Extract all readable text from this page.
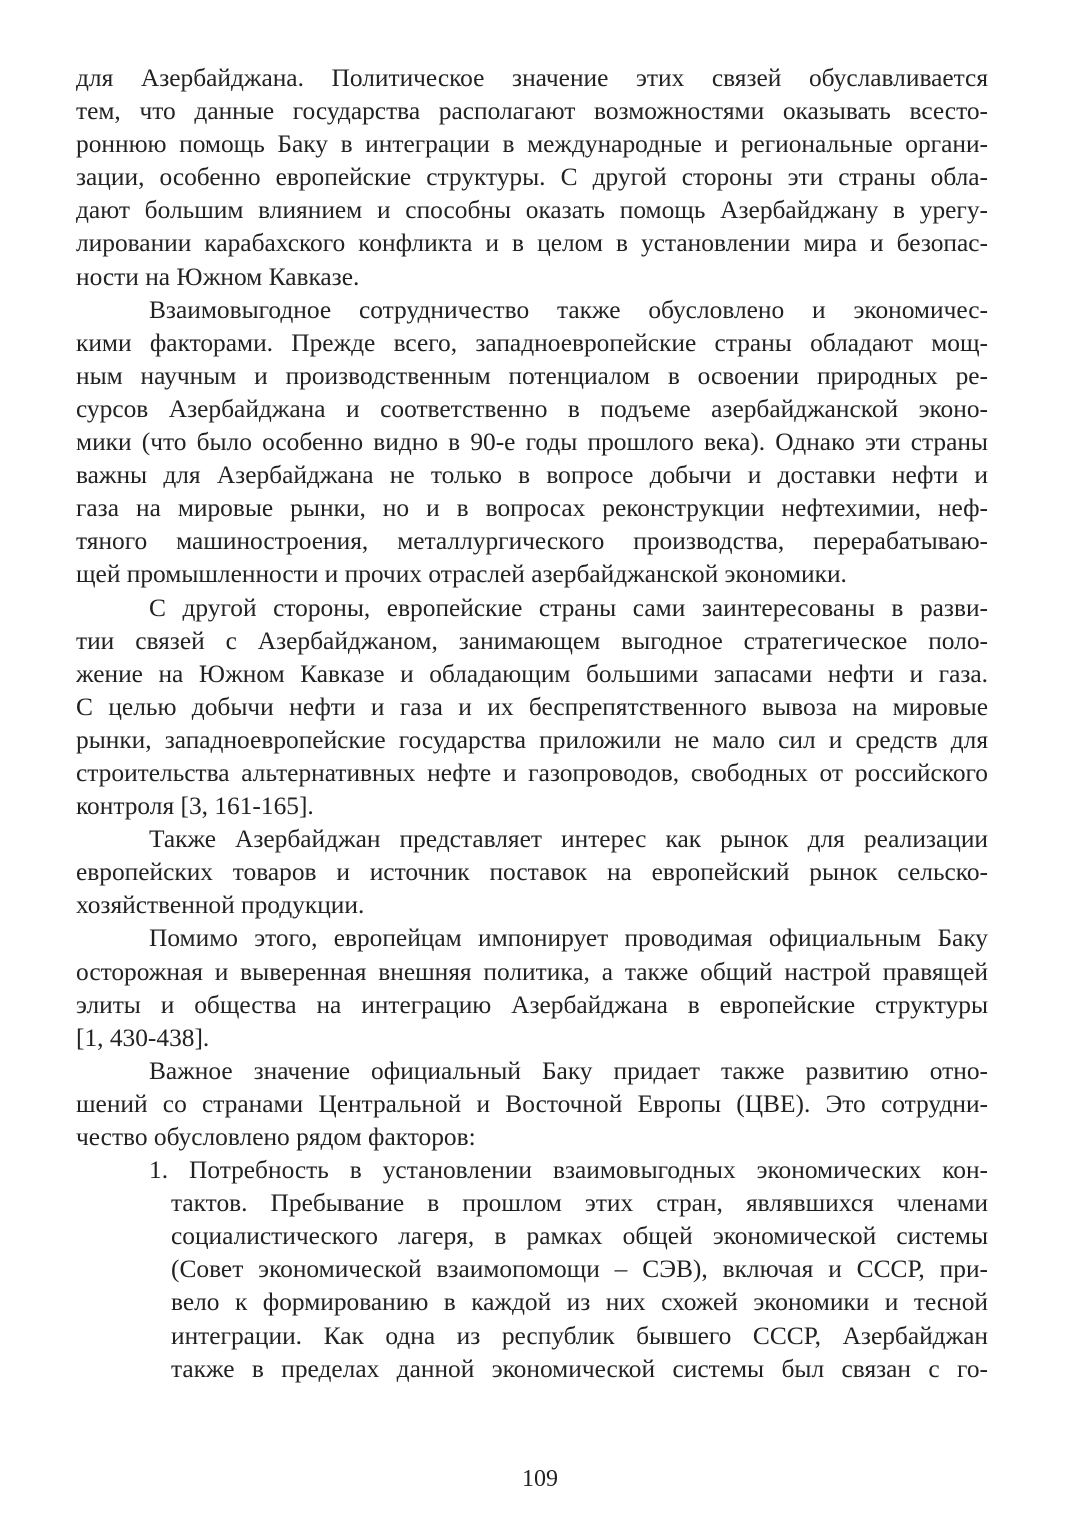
для Азербайджана. Политическое значение этих связей обуславливается
тем, что данные государства располагают возможностями оказывать всесто-
роннюю помощь Баку в интеграции в международные и региональные органи-
зации, особенно европейские структуры. С другой стороны эти страны обла-
дают большим влиянием и способны оказать помощь Азербайджану в урегу-
лировании карабахского конфликта и в целом в установлении мира и безопас-
ности на Южном Кавказе.
Взаимовыгодное сотрудничество также обусловлено и экономичес-
кими факторами. Прежде всего, западноевропейские страны обладают мощ-
ным научным и производственным потенциалом в освоении природных ре-
сурсов Азербайджана и соответственно в подъеме азербайджанской эконо-
мики (что было особенно видно в 90-е годы прошлого века). Однако эти страны
важны для Азербайджана не только в вопросе добычи и доставки нефти и
газа на мировые рынки, но и в вопросах реконструкции нефтехимии, неф-
тяного машиностроения, металлургического производства, перерабатываю-
щей промышленности и прочих отраслей азербайджанской экономики.
С другой стороны, европейские страны сами заинтересованы в разви-
тии связей с Азербайджаном, занимающем выгодное стратегическое поло-
жение на Южном Кавказе и обладающим большими запасами нефти и газа.
С целью добычи нефти и газа и их беспрепятственного вывоза на мировые
рынки, западноевропейские государства приложили не мало сил и средств для
строительства альтернативных нефте и газопроводов, свободных от российского
контроля [3, 161-165].
Также Азербайджан представляет интерес как рынок для реализации
европейских товаров и источник поставок на европейский рынок сельско-
хозяйственной продукции.
Помимо этого, европейцам импонирует проводимая официальным Баку
осторожная и выверенная внешняя политика, а также общий настрой правящей
элиты и общества на интеграцию Азербайджана в европейские структуры
[1, 430-438].
Важное значение официальный Баку придает также развитию отно-
шений со странами Центральной и Восточной Европы (ЦВЕ). Это сотрудни-
чество обусловлено рядом факторов:
1. Потребность в установлении взаимовыгодных экономических кон-
тактов. Пребывание в прошлом этих стран, являвшихся членами
социалистического лагеря, в рамках общей экономической системы
(Совет экономической взаимопомощи – СЭВ), включая и СССР, при-
вело к формированию в каждой из них схожей экономики и тесной
интеграции. Как одна из республик бывшего СССР, Азербайджан
также в пределах данной экономической системы был связан с го-
109
